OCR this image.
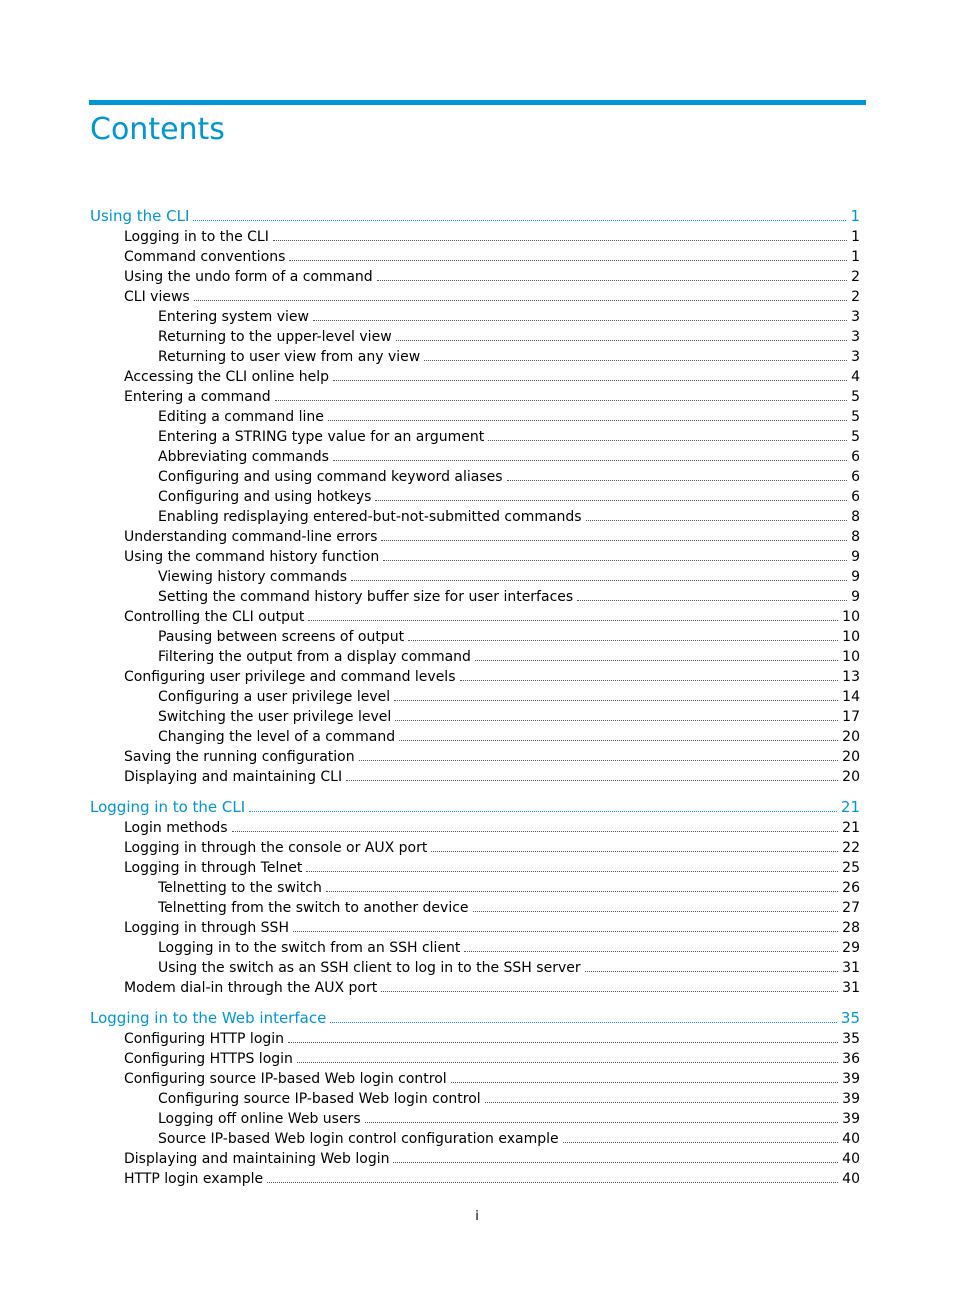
Contents
Using the CLI	1
Logging in to the CLI	1
Command conventions	1
Using the undo form of a command	2
CLI views	2
Entering system view	3
Returning to the upper-level view	3
Returning to user view from any view	3
Accessing the CLI online help	4
Entering a command	5
Editing a command line	5
Entering a STRING type value for an argument	5
Abbreviating commands	6
Configuring and using command keyword aliases	6
Configuring and using hotkeys	6
Enabling redisplaying entered-but-not-submitted commands	8
Understanding command-line errors	8
Using the command history function	9
Viewing history commands	9
Setting the command history buffer size for user interfaces	9
Controlling the CLI output	10
Pausing between screens of output	10
Filtering the output from a display command	10
Configuring user privilege and command levels	13
Configuring a user privilege level	14
Switching the user privilege level	17
Changing the level of a command	20
Saving the running configuration	20
Displaying and maintaining CLI	20
Logging in to the CLI	21
Login methods	21
Logging in through the console or AUX port	22
Logging in through Telnet	25
Telnetting to the switch	26
Telnetting from the switch to another device	27
Logging in through SSH	28
Logging in to the switch from an SSH client	29
Using the switch as an SSH client to log in to the SSH server	31
Modem dial-in through the AUX port	31
Logging in to the Web interface	35
Configuring HTTP login	35
Configuring HTTPS login	36
Configuring source IP-based Web login control	39
Configuring source IP-based Web login control	39
Logging off online Web users	39
Source IP-based Web login control configuration example	40
Displaying and maintaining Web login	40
HTTP login example	40
i
